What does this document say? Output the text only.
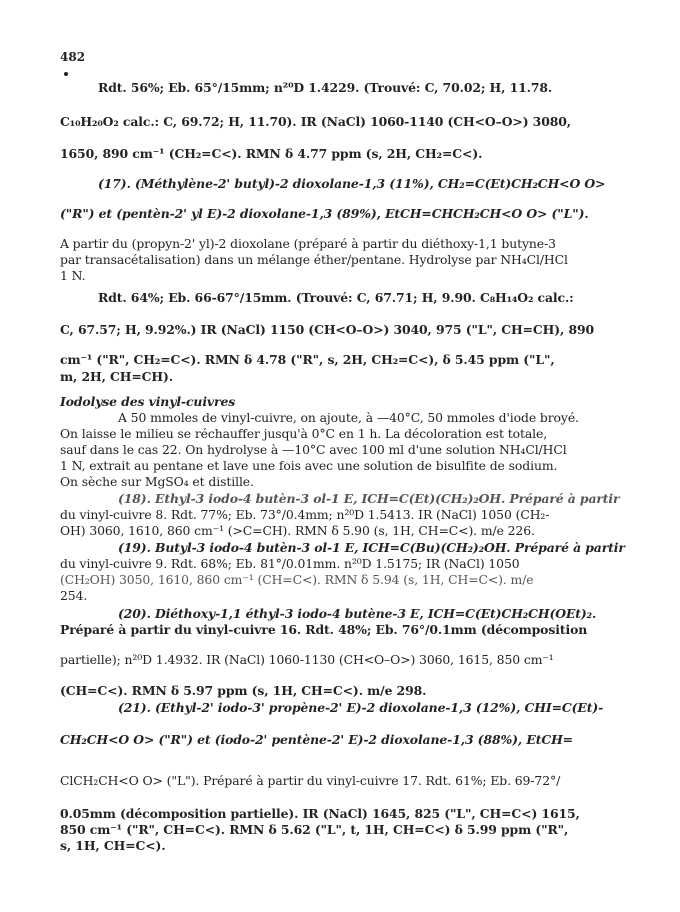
482
Rdt. 56%; Eb. 65°/15mm; n²⁰D 1.4229. (Trouvé: C, 70.02; H, 11.78.
C₁₀H₂₀O₂ calc.: C, 69.72; H, 11.70). IR (NaCl) 1060-1140 (CH<O–O>) 3080,
1650, 890 cm⁻¹ (CH₂=C<). RMN δ 4.77 ppm (s, 2H, CH₂=C<).
(17). (Méthylène-2' butyl)-2 dioxolane-1,3 (11%), CH₂=C(Et)CH₂CH<O O>
("R") et (pentèn-2' yl E)-2 dioxolane-1,3 (89%), EtCH=CHCH₂CH<O O> ("L").
A partir du (propyn-2' yl)-2 dioxolane (préparé à partir du diéthoxy-1,1 butyne-3
par transacétalisation) dans un mélange éther/pentane. Hydrolyse par NH₄Cl/HCl
1 N.
Rdt. 64%; Eb. 66-67°/15mm. (Trouvé: C, 67.71; H, 9.90. C₈H₁₄O₂ calc.:
C, 67.57; H, 9.92%.) IR (NaCl) 1150 (CH<O–O>) 3040, 975 ("L", CH=CH), 890
cm⁻¹ ("R", CH₂=C<). RMN δ 4.78 ("R", s, 2H, CH₂=C<), δ 5.45 ppm ("L",
m, 2H, CH=CH).
Iodolyse des vinyl-cuivres
A 50 mmoles de vinyl-cuivre, on ajoute, à —40°C, 50 mmoles d'iode broyé.
On laisse le milieu se réchauffer jusqu'à 0°C en 1 h. La décoloration est totale,
sauf dans le cas 22. On hydrolyse à —10°C avec 100 ml d'une solution NH₄Cl/HCl
1 N, extrait au pentane et lave une fois avec une solution de bisulfite de sodium.
On sèche sur MgSO₄ et distille.
(18). Ethyl-3 iodo-4 butèn-3 ol-1 E, ICH=C(Et)(CH₂)₂OH. Préparé à partir
du vinyl-cuivre 8. Rdt. 77%; Eb. 73°/0.4mm; n²⁰D 1.5413. IR (NaCl) 1050 (CH₂-
OH) 3060, 1610, 860 cm⁻¹ (>C=CH). RMN δ 5.90 (s, 1H, CH=C<). m/e 226.
(19). Butyl-3 iodo-4 butèn-3 ol-1 E, ICH=C(Bu)(CH₂)₂OH. Préparé à partir
du vinyl-cuivre 9. Rdt. 68%; Eb. 81°/0.01mm. n²⁰D 1.5175; IR (NaCl) 1050
(CH₂OH) 3050, 1610, 860 cm⁻¹ (CH=C<). RMN δ 5.94 (s, 1H, CH=C<). m/e
254.
(20). Diéthoxy-1,1 éthyl-3 iodo-4 butène-3 E, ICH=C(Et)CH₂CH(OEt)₂.
Préparé à partir du vinyl-cuivre 16. Rdt. 48%; Eb. 76°/0.1mm (décomposition
partielle); n²⁰D 1.4932. IR (NaCl) 1060-1130 (CH<O–O>) 3060, 1615, 850 cm⁻¹
(CH=C<). RMN δ 5.97 ppm (s, 1H, CH=C<). m/e 298.
(21). (Ethyl-2' iodo-3' propène-2' E)-2 dioxolane-1,3 (12%), CHI=C(Et)-
CH₂CH<O O> ("R") et (iodo-2' pentène-2' E)-2 dioxolane-1,3 (88%), EtCH=
ClCH₂CH<O O> ("L"). Préparé à partir du vinyl-cuivre 17. Rdt. 61%; Eb. 69-72°/
0.05mm (décomposition partielle). IR (NaCl) 1645, 825 ("L", CH=C<) 1615,
850 cm⁻¹ ("R", CH=C<). RMN δ 5.62 ("L", t, 1H, CH=C<) δ 5.99 ppm ("R",
s, 1H, CH=C<).
